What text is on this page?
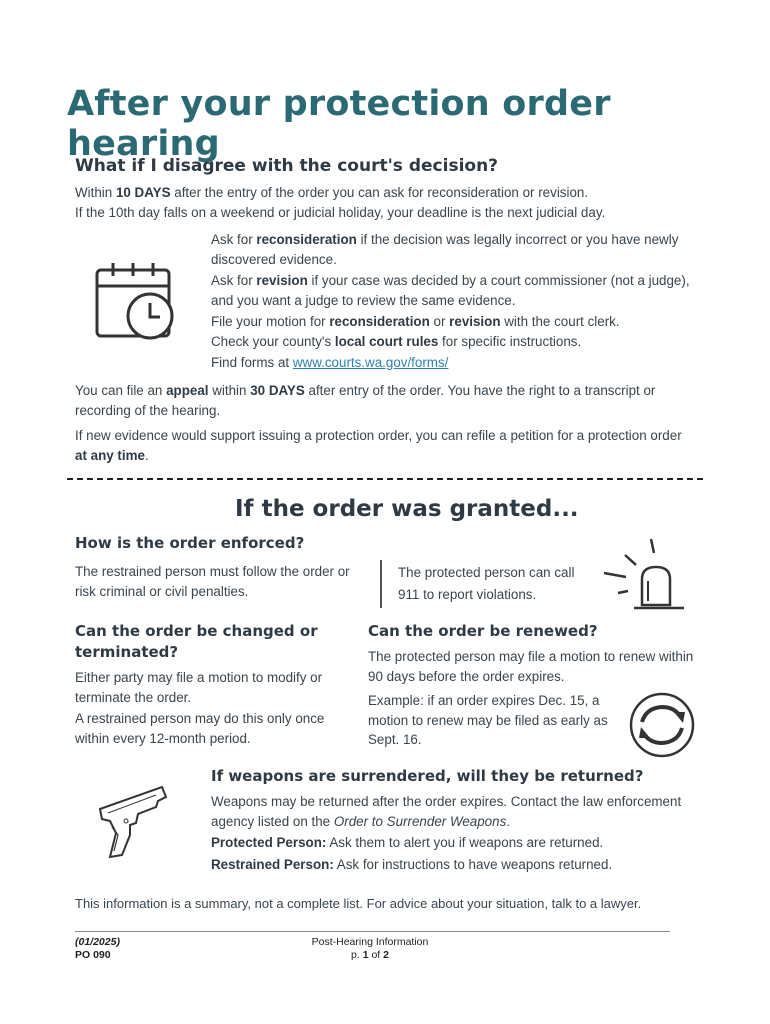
After your protection order hearing
What if I disagree with the court's decision?

Within 10 DAYS after the entry of the order you can ask for reconsideration or revision.
If the 10th day falls on a weekend or judicial holiday, your deadline is the next judicial day.

Ask for reconsideration if the decision was legally incorrect or you have newly discovered evidence.

Ask for revision if your case was decided by a court commissioner (not a judge), and you want a judge to review the same evidence.

File your motion for reconsideration or revision with the court clerk.
Check your county's local court rules for specific instructions.

Find forms at www.courts.wa.gov/forms/

You can file an appeal within 30 DAYS after entry of the order. You have the right to a transcript or recording of the hearing.

If new evidence would support issuing a protection order, you can refile a petition for a protection order at any time.

If the order was granted...
How is the order enforced?

The restrained person must follow the order or risk criminal or civil penalties.

The protected person can call 911 to report violations.

Can the order be changed or terminated?

Either party may file a motion to modify or terminate the order.

A restrained person may do this only once within every 12-month period.

Can the order be renewed?

The protected person may file a motion to renew within 90 days before the order expires.

Example: if an order expires Dec. 15, a motion to renew may be filed as early as Sept. 16.

If weapons are surrendered, will they be returned?

Weapons may be returned after the order expires. Contact the law enforcement agency listed on the Order to Surrender Weapons.

Protected Person: Ask them to alert you if weapons are returned.

Restrained Person: Ask for instructions to have weapons returned.

This information is a summary, not a complete list. For advice about your situation, talk to a lawyer.

(01/2025)

PO 090

Post-Hearing Information

p. 1 of 2
